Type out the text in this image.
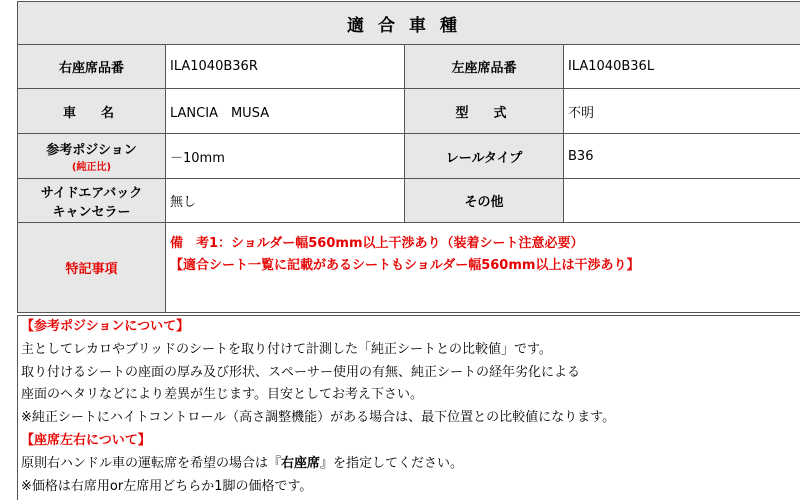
適合車種			
右座席品番	ILA1040B36R	左座席品番	ILA1040B36L
車　名	LANCIA　MUSA	型　式	不明

参考ポジション
(純正比)	－10mm	レールタイプ	B36

サイドエアバック
キャンセラー	無し	その他	
特記事項	備　考1：ショルダー幅560mm以上干渉あり（装着シート注意必要）
【適合シート一覧に記載があるシートもショルダー幅560mm以上は干渉あり】		
【参考ポジションについて】
主としてレカロやブリッドのシートを取り付けて計測した「純正シートとの比較値」です。
取り付けるシートの座面の厚み及び形状、スペーサー使用の有無、純正シートの経年劣化による
座面のヘタリなどにより差異が生じます。目安としてお考え下さい。
※純正シートにハイトコントロール（高さ調整機能）がある場合は、最下位置との比較値になります。
【座席左右について】
原則右ハンドル車の運転席を希望の場合は『右座席』を指定してください。
※価格は右席用or左席用どちらか1脚の価格です。
